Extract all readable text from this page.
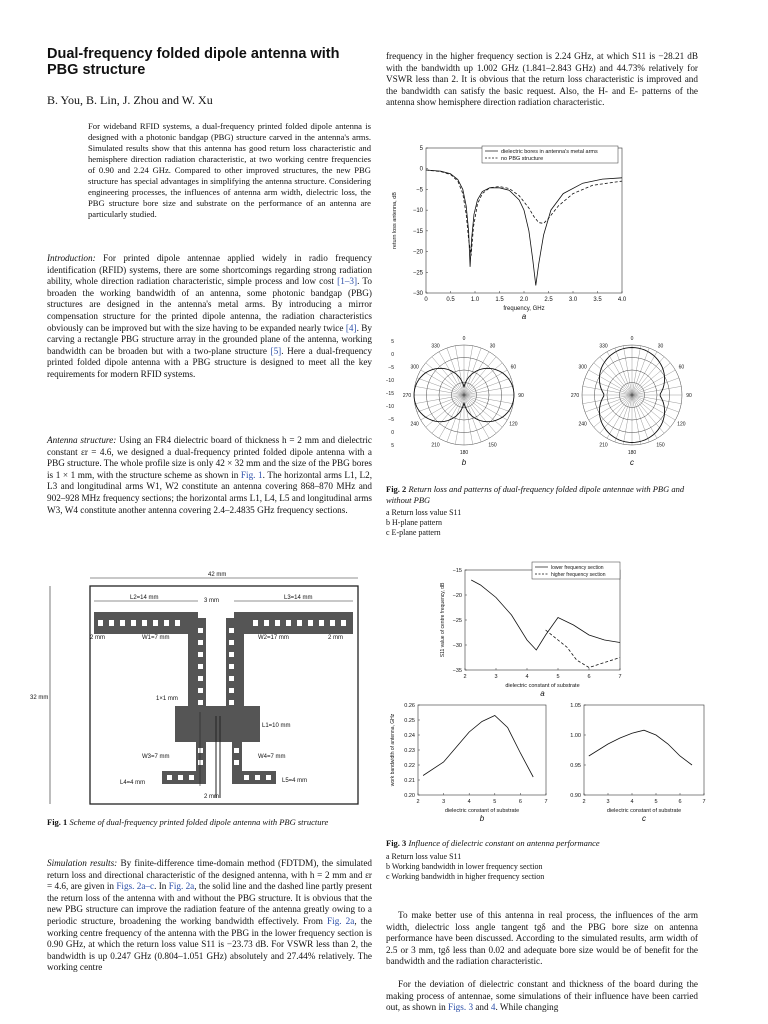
Dual-frequency folded dipole antenna with PBG structure
B. You, B. Lin, J. Zhou and W. Xu
For wideband RFID systems, a dual-frequency printed folded dipole antenna is designed with a photonic bandgap (PBG) structure carved in the antenna's arms. Simulated results show that this antenna has good return loss characteristic and hemisphere direction radiation characteristic, at two working centre frequencies of 0.90 and 2.24 GHz. Compared to other improved structures, the new PBG structure has special advantages in simplifying the antenna structure. Considering engineering processes, the influences of antenna arm width, dielectric loss, the PBG structure bore size and substrate on the performance of an antenna are particularly studied.
Introduction: For printed dipole antennae applied widely in radio frequency identification (RFID) systems, there are some shortcomings regarding strong radiation ability, whole direction radiation characteristic, simple process and low cost [1–3]. To broaden the working bandwidth of an antenna, some photonic bandgap (PBG) structures are designed in the antenna's metal arms. By introducing a mirror compensation structure for the printed dipole antenna, the radiation characteristics obviously can be improved but with the size having to be expanded nearly twice [4]. By carving a rectangle PBG structure array in the grounded plane of the antenna, working bandwidth can be broaden but with a two-plane structure [5]. Here a dual-frequency printed folded dipole antenna with a PBG structure is designed to meet all the key requirements for modern RFID systems.
Antenna structure: Using an FR4 dielectric board of thickness h = 2 mm and dielectric constant εr = 4.6, we designed a dual-frequency printed folded dipole antenna with a PBG structure. The whole profile size is only 42 × 32 mm and the size of the PBG bores is 1 × 1 mm, with the structure scheme as shown in Fig. 1. The horizontal arms L1, L2, L3 and longitudinal arms W1, W2 constitute an antenna covering 868–870 MHz and 902–928 MHz frequency sections; the horizontal arms L1, L4, L5 and longitudinal arms W3, W4 constitute another antenna covering 2.4–2.4835 GHz frequency sections.
42 mm
32 mm
L2=14 mm	L3=14 mm
3 mm
2 mm	W1=7 mm	W2=17 mm	2 mm
1×1 mm
L1=10 mm
W3=7 mm	W4=7 mm
L4=4 mm	L5=4 mm
2 mm
Fig. 1 Scheme of dual-frequency printed folded dipole antenna with PBG structure
Simulation results: By finite-difference time-domain method (FDTDM), the simulated return loss and directional characteristic of the designed antenna, with h = 2 mm and εr = 4.6, are given in Figs. 2a–c. In Fig. 2a, the solid line and the dashed line partly present the return loss of the antenna with and without the PBG structure. It is obvious that the new PBG structure can improve the radiation feature of the antenna greatly owing to a periodic structure, broadening the working bandwidth effectively. From Fig. 2a, the working centre frequency of the antenna with the PBG in the lower frequency section is 0.90 GHz, at which the return loss value S11 is −23.73 dB. For VSWR less than 2, the bandwidth is up 0.247 GHz (0.804–1.051 GHz) absolutely and 27.44% relatively. The working centre
frequency in the higher frequency section is 2.24 GHz, at which S11 is −28.21 dB with the bandwidth up 1.002 GHz (1.841–2.843 GHz) and 44.73% relatively for VSWR less than 2. It is obvious that the return loss characteristic is improved and the bandwidth can satisfy the basic request. Also, the H- and E- patterns of the antenna show hemisphere direction radiation characteristic.
0	0.5	1.0	1.5	2.0	2.5	3.0	3.5	4.0
5
0
−5
−10
−15
−20
−25
−30
frequency, GHz
return loss antenna, dB
dielectric bores in antenna's metal arms
no PBG structure
a
5
0
−5
−10
−15
−10
−5
0
5
0
30
60
90
120
150
180
210
240
270
300
330
b
0
30
60
90
120
150
180
210
240
270
300
330
c
Fig. 2 Return loss and patterns of dual-frequency folded dipole antennae with PBG and without PBG
a Return loss value S11
b H-plane pattern
c E-plane pattern
2	3	4	5	6	7
−15
−20
−25
−30
−35
dielectric constant of substrate
S11 value of centre frequency, dB
lower frequency section
higher frequency section
a
2	3	4	5	6	7
0.26
0.25
0.24
0.23
0.22
0.21
0.20
dielectric constant of substrate
work bandwidth of antenna, GHz
b
2	3	4	5	6	7
1.05
1.00
0.95
0.90
dielectric constant of substrate
c
Fig. 3 Influence of dielectric constant on antenna performance
a Return loss value S11
b Working bandwidth in lower frequency section
c Working bandwidth in higher frequency section
To make better use of this antenna in real process, the influences of the arm width, dielectric loss angle tangent tgδ and the PBG bore size on antenna performance have been discussed. According to the simulated results, arm width of 2.5 or 3 mm, tgδ less than 0.02 and adequate bore size would be of benefit for the bandwidth and the radiation characteristic.
For the deviation of dielectric constant and thickness of the board during the making process of antennae, some simulations of their influence have been carried out, as shown in Figs. 3 and 4. While changing
